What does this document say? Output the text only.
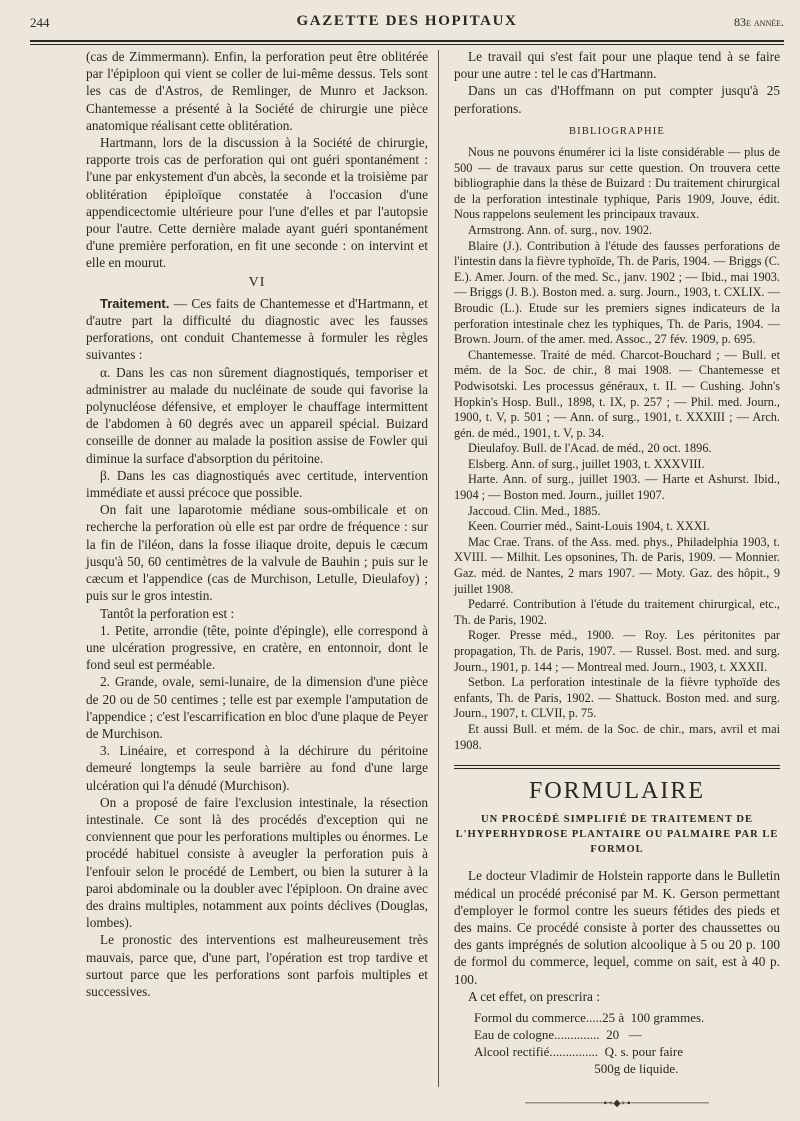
244	GAZETTE DES HOPITAUX	83e année.

(cas de Zimmermann). Enfin, la perforation peut être oblitérée par l'épiploon qui vient se coller de lui-même dessus. Tels sont les cas de d'Astros, de Remlinger, de Munro et Jackson. Chantemesse a présenté à la Société de chirurgie une pièce anatomique réalisant cette oblitération.

Hartmann, lors de la discussion à la Société de chirurgie, rapporte trois cas de perforation qui ont guéri spontanément : l'une par enkystement d'un abcès, la seconde et la troisième par oblitération épiploïque constatée à l'occasion d'une appendicectomie ultérieure pour l'une d'elles et par l'autopsie pour l'autre. Cette dernière malade ayant guéri spontanément d'une première perforation, en fit une seconde : on intervint et elle en mourut.

VI

Traitement. — Ces faits de Chantemesse et d'Hartmann, et d'autre part la difficulté du diagnostic avec les fausses perforations, ont conduit Chantemesse à formuler les règles suivantes :

α. Dans les cas non sûrement diagnostiqués, temporiser et administrer au malade du nucléinate de soude qui favorise la polynucléose défensive, et employer le chauffage intermittent de l'abdomen à 60 degrés avec un appareil spécial. Buizard conseille de donner au malade la position assise de Fowler qui diminue la surface d'absorption du péritoine.

β. Dans les cas diagnostiqués avec certitude, intervention immédiate et aussi précoce que possible.

On fait une laparotomie médiane sous-ombilicale et on recherche la perforation où elle est par ordre de fréquence : sur la fin de l'iléon, dans la fosse iliaque droite, depuis le cæcum jusqu'à 50, 60 centimètres de la valvule de Bauhin ; puis sur le cæcum et l'appendice (cas de Murchison, Letulle, Dieulafoy) ; puis sur le gros intestin.

Tantôt la perforation est :

1. Petite, arrondie (tête, pointe d'épingle), elle correspond à une ulcération progressive, en cratère, en entonnoir, dont le fond seul est perméable.

2. Grande, ovale, semi-lunaire, de la dimension d'une pièce de 20 ou de 50 centimes ; telle est par exemple l'amputation de l'appendice ; c'est l'escarrification en bloc d'une plaque de Peyer de Murchison.

3. Linéaire, et correspond à la déchirure du péritoine demeuré longtemps la seule barrière au fond d'une large ulcération qui l'a dénudé (Murchison).

On a proposé de faire l'exclusion intestinale, la résection intestinale. Ce sont là des procédés d'exception qui ne conviennent que pour les perforations multiples ou énormes. Le procédé habituel consiste à aveugler la perforation puis à l'enfouir selon le procédé de Lembert, ou bien la suturer à la paroi abdominale ou la doubler avec l'épiploon. On draine avec des drains multiples, notamment aux points déclives (Douglas, lombes).

Le pronostic des interventions est malheureusement très mauvais, parce que, d'une part, l'opération est trop tardive et surtout parce que les perforations sont parfois multiples et successives.

Le travail qui s'est fait pour une plaque tend à se faire pour une autre : tel le cas d'Hartmann.

Dans un cas d'Hoffmann on put compter jusqu'à 25 perforations.

BIBLIOGRAPHIE

Nous ne pouvons énumérer ici la liste considérable — plus de 500 — de travaux parus sur cette question. On trouvera cette bibliographie dans la thèse de Buizard : Du traitement chirurgical de la perforation intestinale typhique, Paris 1909, Jouve, édit. Nous rappelons seulement les principaux travaux.

Armstrong. Ann. of. surg., nov. 1902.

Blaire (J.). Contribution à l'étude des fausses perforations de l'intestin dans la fièvre typhoïde, Th. de Paris, 1904. — Briggs (C. E.). Amer. Journ. of the med. Sc., janv. 1902 ; — Ibid., mai 1903. — Briggs (J. B.). Boston med. a. surg. Journ., 1903, t. CXLIX. — Broudic (L.). Etude sur les premiers signes indicateurs de la perforation intestinale chez les typhiques, Th. de Paris, 1904. — Brown. Journ. of the amer. med. Assoc., 27 fév. 1909, p. 695.

Chantemesse. Traité de méd. Charcot-Bouchard ; — Bull. et mém. de la Soc. de chir., 8 mai 1908. — Chantemesse et Podwisotski. Les processus généraux, t. II. — Cushing. John's Hopkin's Hosp. Bull., 1898, t. IX, p. 257 ; — Phil. med. Journ., 1900, t. V, p. 501 ; — Ann. of surg., 1901, t. XXXIII ; — Arch. gén. de méd., 1901, t. V, p. 34.

Dieulafoy. Bull. de l'Acad. de méd., 20 oct. 1896.

Elsberg. Ann. of surg., juillet 1903, t. XXXVIII.

Harte. Ann. of surg., juillet 1903. — Harte et Ashurst. Ibid., 1904 ; — Boston med. Journ., juillet 1907.

Jaccoud. Clin. Med., 1885.

Keen. Courrier méd., Saint-Louis 1904, t. XXXI.

Mac Crae. Trans. of the Ass. med. phys., Philadelphia 1903, t. XVIII. — Milhit. Les opsonines, Th. de Paris, 1909. — Monnier. Gaz. méd. de Nantes, 2 mars 1907. — Moty. Gaz. des hôpit., 9 juillet 1908.

Pedarré. Contribution à l'étude du traitement chirurgical, etc., Th. de Paris, 1902.

Roger. Presse méd., 1900. — Roy. Les péritonites par propagation, Th. de Paris, 1907. — Russel. Bost. med. and surg. Journ., 1901, p. 144 ; — Montreal med. Journ., 1903, t. XXXII.

Setbon. La perforation intestinale de la fièvre typhoïde des enfants, Th. de Paris, 1902. — Shattuck. Boston med. and surg. Journ., 1907, t. CLVII, p. 75.

Et aussi Bull. et mém. de la Soc. de chir., mars, avril et mai 1908.

FORMULAIRE
UN PROCÉDÉ SIMPLIFIÉ DE TRAITEMENT DE L'HYPERHYDROSE PLANTAIRE OU PALMAIRE PAR LE FORMOL

Le docteur Vladimir de Holstein rapporte dans le Bulletin médical un procédé préconisé par M. K. Gerson permettant d'employer le formol contre les sueurs fétides des pieds et des mains. Ce procédé consiste à porter des chaussettes ou des gants imprégnés de solution alcoolique à 5 ou 20 p. 100 de formol du commerce, lequel, comme on sait, est à 40 p. 100.

A cet effet, on prescrira :

Formol du commerce.....25 à  100 grammes.
Eau de cologne..............  20   —
Alcool rectifié...............  Q. s. pour faire
500g de liquide.
───────────⊷◆⊶───────────
